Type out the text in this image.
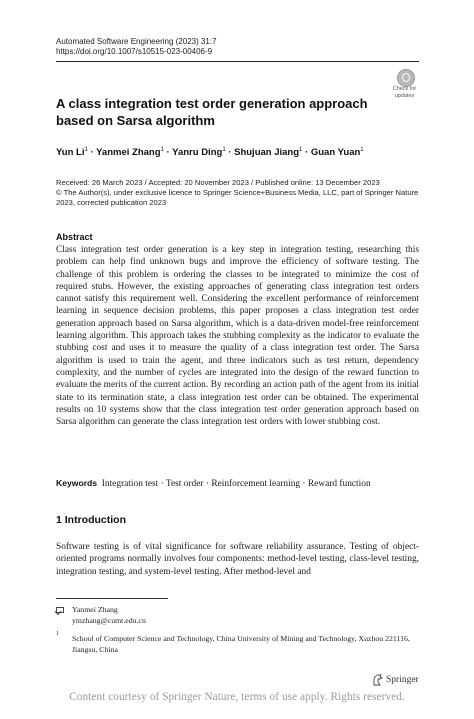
Automated Software Engineering (2023) 31:7
https://doi.org/10.1007/s10515-023-00406-9
Check for
updates
A class integration test order generation approach based on Sarsa algorithm
Yun $Li^1$ · Yanmei Zhang$^1$ · Yanru Ding$^1$ · Shujuan Jiang$^1$ · Guan Yuan$^1$
Received: 26 March 2023 / Accepted: 20 November 2023 / Published online: 13 December 2023
© The Author(s), under exclusive licence to Springer Science+Business Media, LLC, part of Springer Nature 2023, corrected publication 2023
Abstract
Class integration test order generation is a key step in integration testing, researching this problem can help find unknown bugs and improve the efficiency of software testing. The challenge of this problem is ordering the classes to be integrated to minimize the cost of required stubs. However, the existing approaches of generating class integration test orders cannot satisfy this requirement well. Considering the excellent performance of reinforcement learning in sequence decision problems, this paper proposes a class integration test order generation approach based on Sarsa algorithm, which is a data-driven model-free reinforcement learning algorithm. This approach takes the stubbing complexity as the indicator to evaluate the stubbing cost and uses it to measure the quality of a class integration test order. The Sarsa algorithm is used to train the agent, and three indicators such as test return, dependency complexity, and the number of cycles are integrated into the design of the reward function to evaluate the merits of the current action. By recording an action path of the agent from its initial state to its termination state, a class integration test order can be obtained. The experimental results on 10 systems show that the class integration test order generation approach based on Sarsa algorithm can generate the class integration test orders with lower stubbing cost.
Keywords Integration test · Test order · Reinforcement learning · Reward function
1 Introduction
Software testing is of vital significance for software reliability assurance. Testing of object-oriented programs normally involves four components: method-level testing, class-level testing, integration testing, and system-level testing. After method-level and
Yanmei Zhang
ymzhang@cumt.edu.cn
1 School of Computer Science and Technology, China University of Mining and Technology, Xuzhou 221116, Jiangsu, China
Springer
Content courtesy of Springer Nature, terms of use apply. Rights reserved.
